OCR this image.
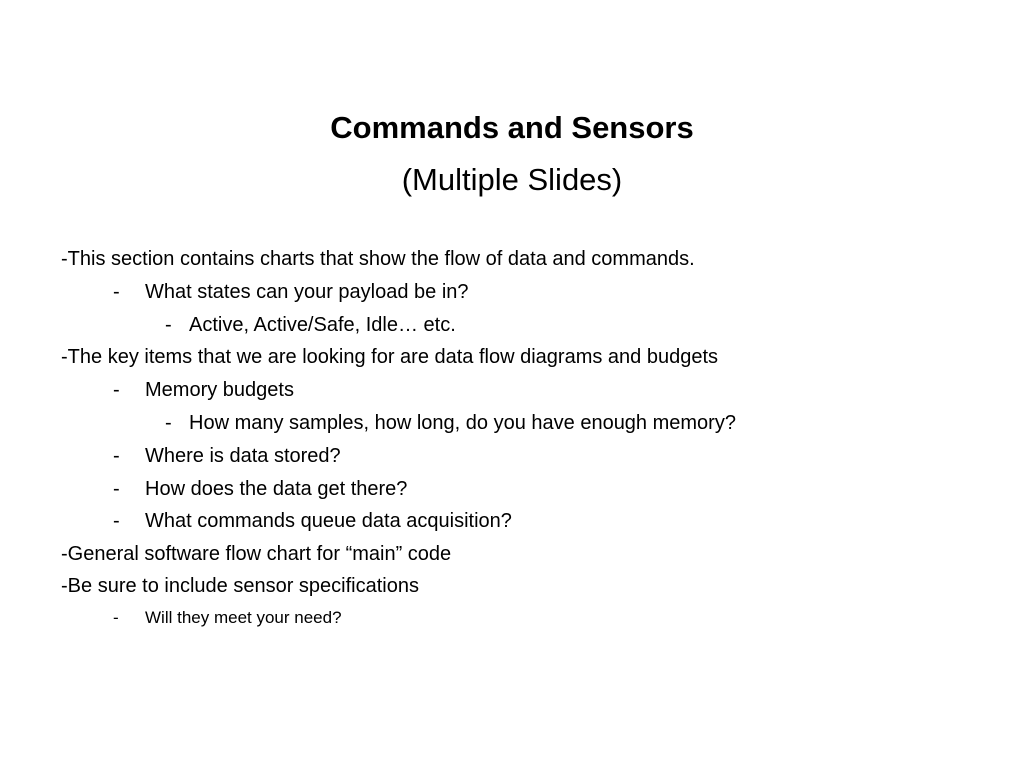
Commands and Sensors
(Multiple Slides)
-This section contains charts that show the flow of data and commands.
- What states can your payload be in?
- Active, Active/Safe, Idle… etc.
-The key items that we are looking for are data flow diagrams and budgets
- Memory budgets
- How many samples, how long, do you have enough memory?
- Where is data stored?
- How does the data get there?
- What commands queue data acquisition?
-General software flow chart for “main” code
-Be sure to include sensor specifications
- Will they meet your need?
